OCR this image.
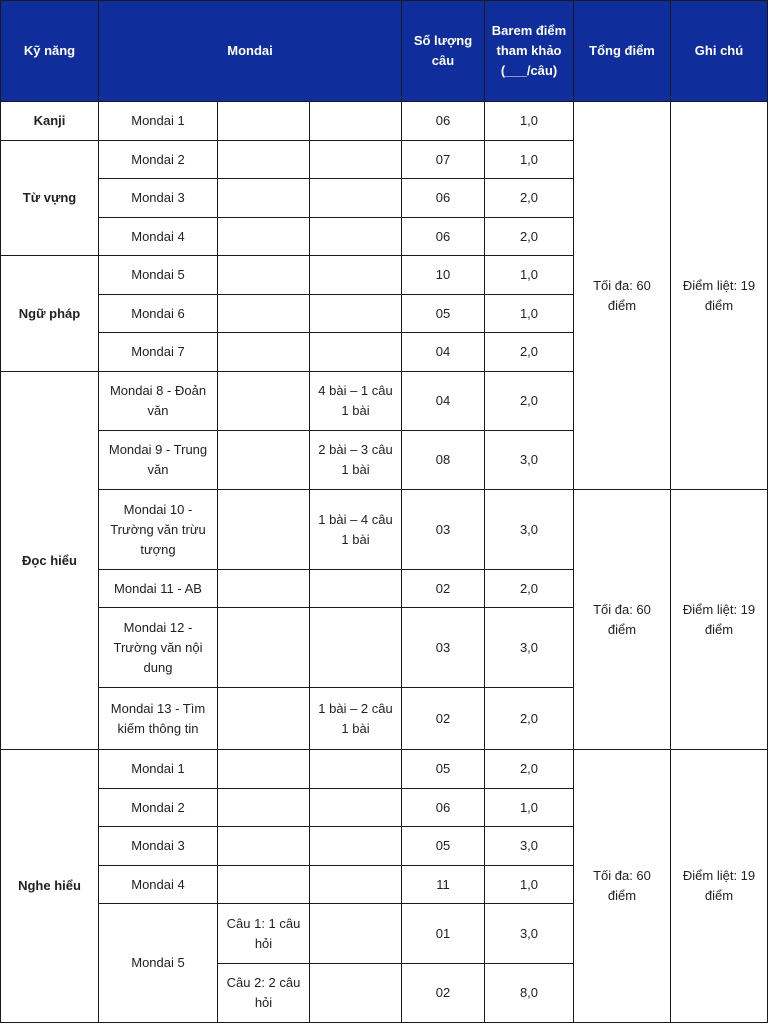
Kỹ năng	Mondai			Số lượng câu	Barem điểm tham khảo (___/câu)	Tổng điểm	Ghi chú
Kanji	Mondai 1			06	1,0	Tối đa: 60 điểm	Điểm liệt: 19 điểm
Từ vựng	Mondai 2			07	1,0		
	Mondai 3			06	2,0		
	Mondai 4			06	2,0		
Ngữ pháp	Mondai 5			10	1,0		
	Mondai 6			05	1,0		
	Mondai 7			04	2,0		
Đọc hiểu	Mondai 8 - Đoản văn		4 bài – 1 câu 1 bài	04	2,0		
	Mondai 9 - Trung văn		2 bài – 3 câu 1 bài	08	3,0		
	Mondai 10 - Trường văn trừu tượng		1 bài – 4 câu 1 bài	03	3,0	Tối đa: 60 điểm	Điểm liệt: 19 điểm
	Mondai 11 - AB			02	2,0		
	Mondai 12 - Trường văn nội dung			03	3,0		
	Mondai 13 - Tìm kiếm thông tin		1 bài – 2 câu 1 bài	02	2,0		
Nghe hiểu	Mondai 1			05	2,0	Tối đa: 60 điểm	Điểm liệt: 19 điểm
	Mondai 2			06	1,0		
	Mondai 3			05	3,0		
	Mondai 4			11	1,0		
	Mondai 5	Câu 1: 1 câu hỏi		01	3,0		
		Câu 2: 2 câu hỏi		02	8,0		
